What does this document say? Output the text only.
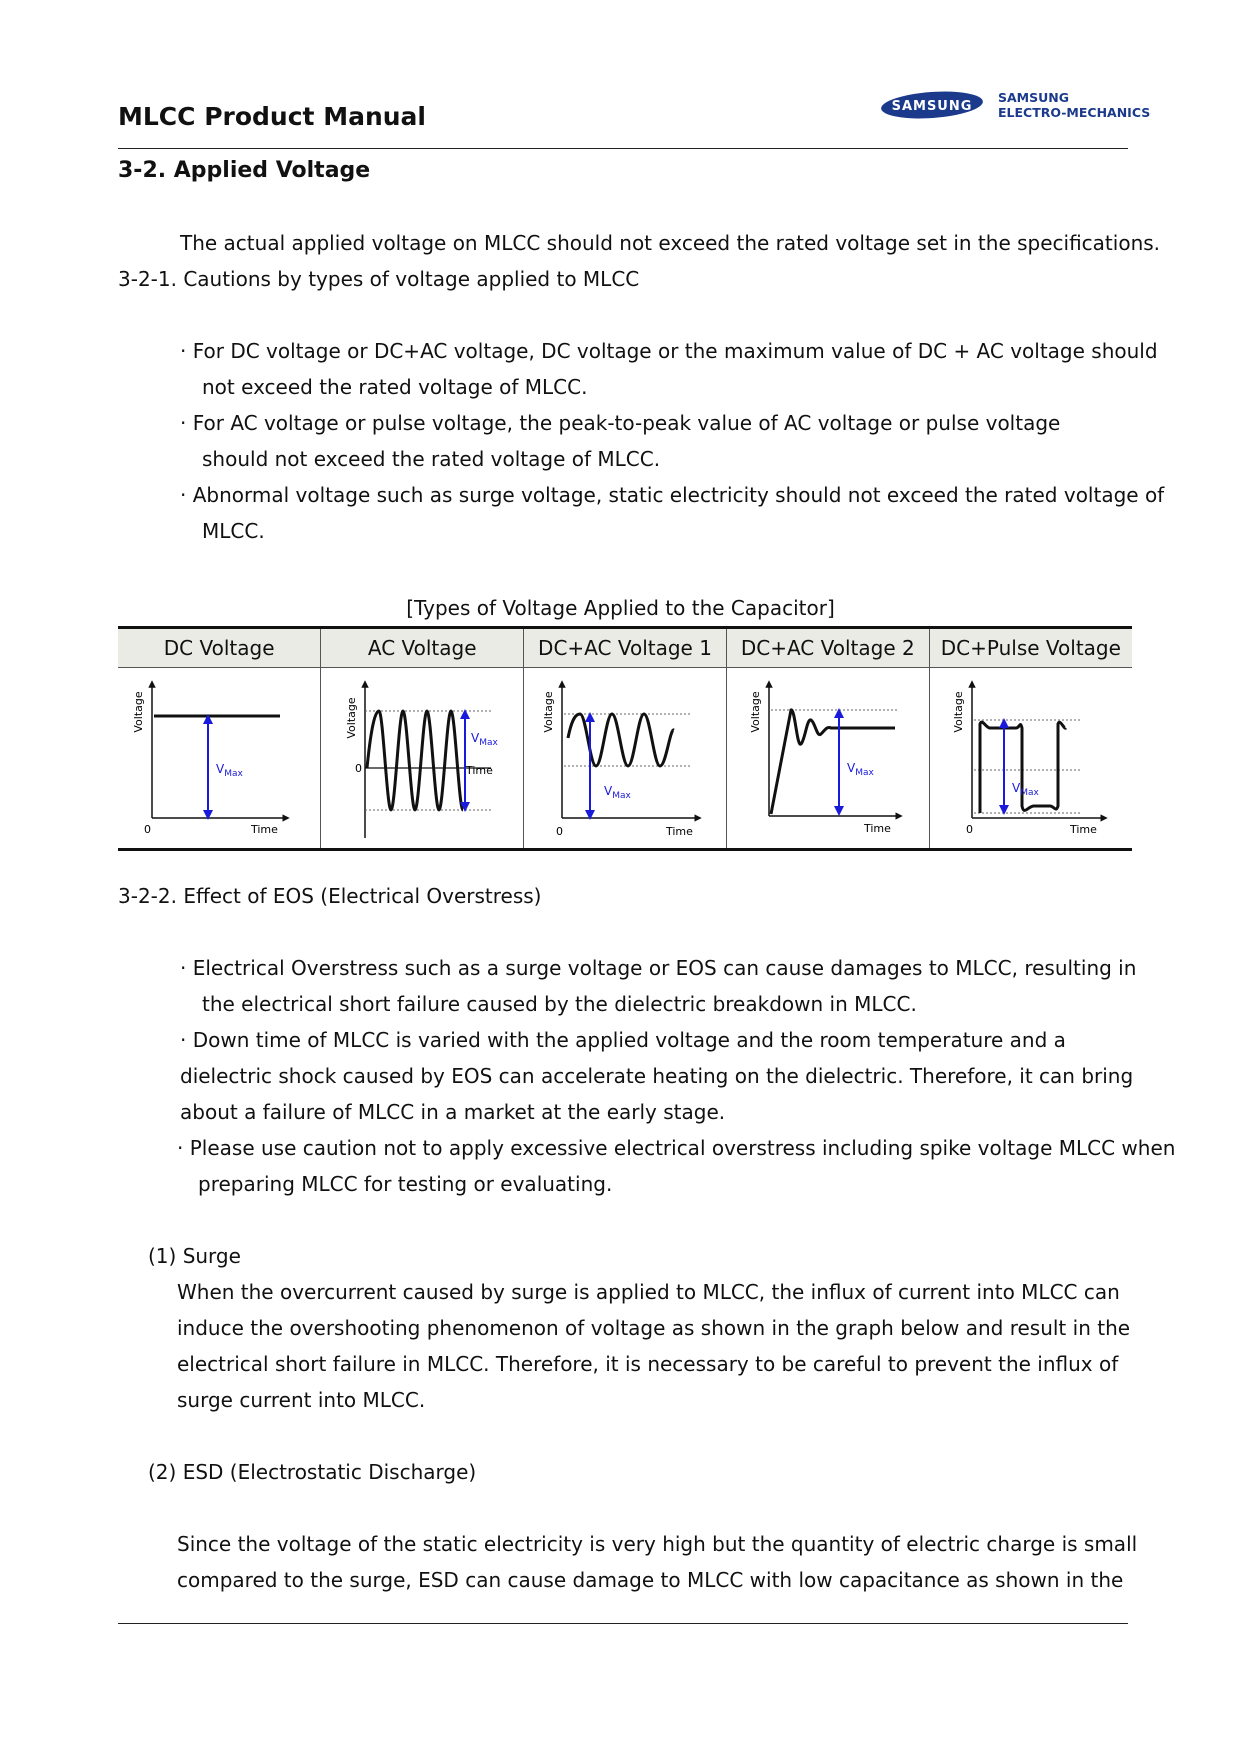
MLCC Product Manual	SAMSUNG
SAMSUNG
ELECTRO-MECHANICS
3-2. Applied Voltage
The actual applied voltage on MLCC should not exceed the rated voltage set in the specifications.
3-2-1. Cautions by types of voltage applied to MLCC
· For DC voltage or DC+AC voltage, DC voltage or the maximum value of DC + AC voltage should
not exceed the rated voltage of MLCC.
· For AC voltage or pulse voltage, the peak-to-peak value of AC voltage or pulse voltage
should not exceed the rated voltage of MLCC.
· Abnormal voltage such as surge voltage, static electricity should not exceed the rated voltage of
MLCC.
[Types of Voltage Applied to the Capacitor]
DC Voltage	AC Voltage	DC+AC Voltage 1	DC+AC Voltage 2	DC+Pulse Voltage

Voltage
0 Time
$V_{Max}$	Voltage
0 Time
$V_{Max}$	Voltage
0 Time
$V_{Max}$	Voltage
Time
$V_{Max}$	Voltage
0 Time
$V_{Max}$
3-2-2. Effect of EOS (Electrical Overstress)
· Electrical Overstress such as a surge voltage or EOS can cause damages to MLCC, resulting in
the electrical short failure caused by the dielectric breakdown in MLCC.
· Down time of MLCC is varied with the applied voltage and the room temperature and a
dielectric shock caused by EOS can accelerate heating on the dielectric. Therefore, it can bring
about a failure of MLCC in a market at the early stage.
· Please use caution not to apply excessive electrical overstress including spike voltage MLCC when
preparing MLCC for testing or evaluating.
(1) Surge
When the overcurrent caused by surge is applied to MLCC, the influx of current into MLCC can
induce the overshooting phenomenon of voltage as shown in the graph below and result in the
electrical short failure in MLCC. Therefore, it is necessary to be careful to prevent the influx of
surge current into MLCC.
(2) ESD (Electrostatic Discharge)
Since the voltage of the static electricity is very high but the quantity of electric charge is small
compared to the surge, ESD can cause damage to MLCC with low capacitance as shown in the
